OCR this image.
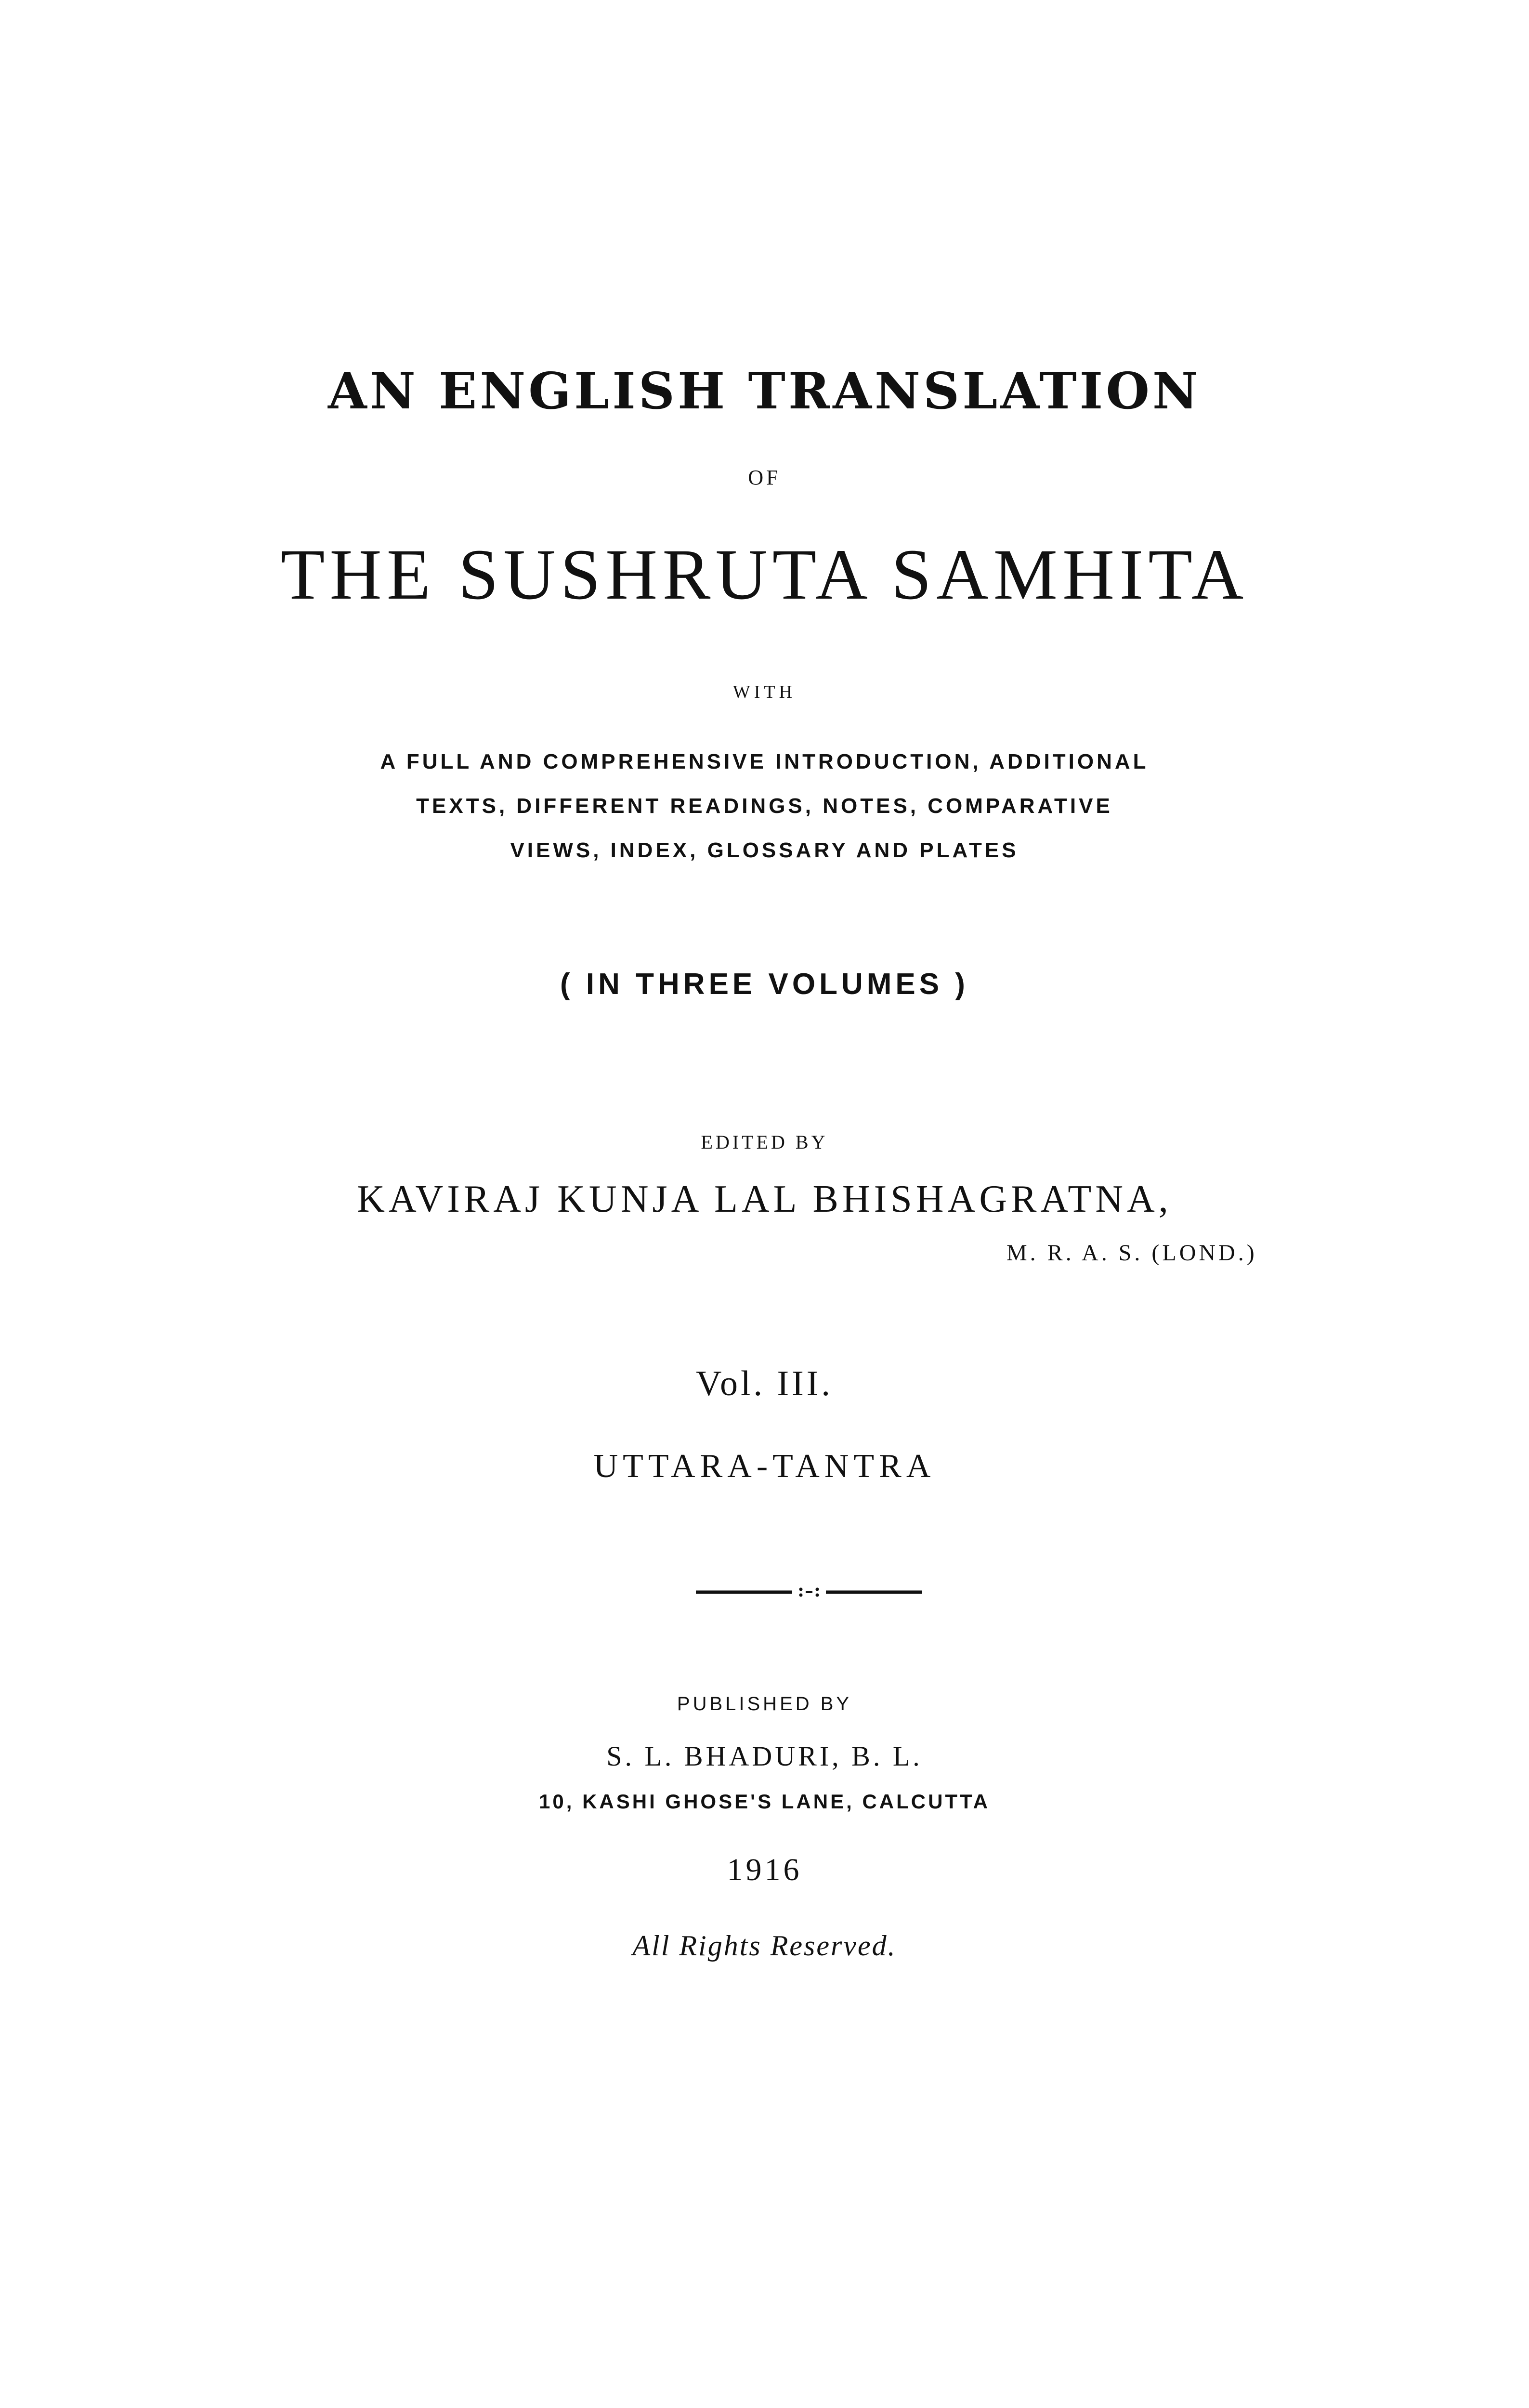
AN ENGLISH TRANSLATION
OF
THE SUSHRUTA SAMHITA
WITH
A FULL AND COMPREHENSIVE INTRODUCTION, ADDITIONAL
TEXTS, DIFFERENT READINGS, NOTES, COMPARATIVE
VIEWS, INDEX, GLOSSARY AND PLATES
( IN THREE VOLUMES )
EDITED BY
KAVIRAJ KUNJA LAL BHISHAGRATNA,
M. R. A. S. (LOND.)
Vol. III.
UTTARA-TANTRA
PUBLISHED BY
S. L. BHADURI, B. L.
10, KASHI GHOSE'S LANE, CALCUTTA
1916
All Rights Reserved.
